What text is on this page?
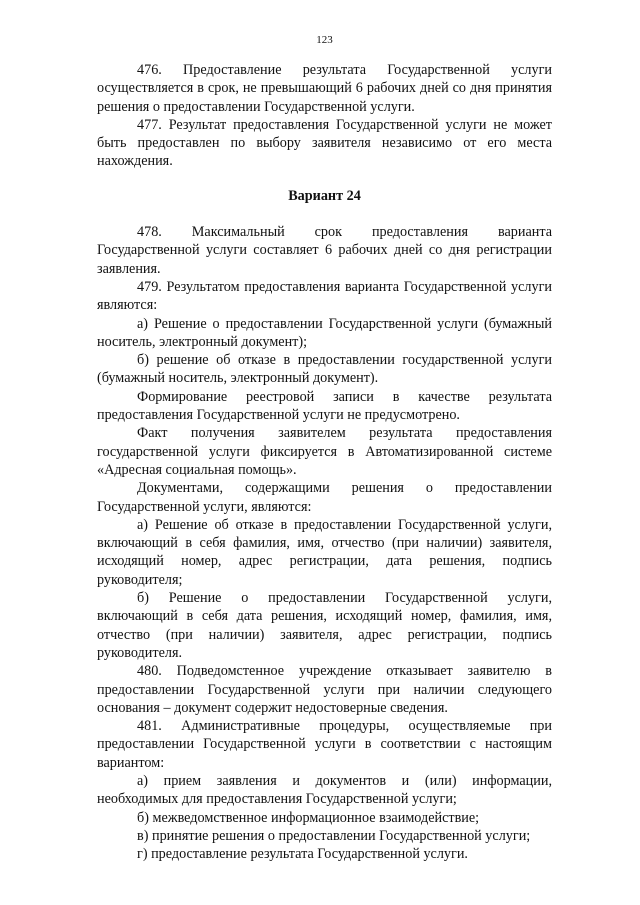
123

476. Предоставление результата Государственной услуги осуществляется в срок, не превышающий 6 рабочих дней со дня принятия решения о предоставлении Государственной услуги.

477. Результат предоставления Государственной услуги не может быть предоставлен по выбору заявителя независимо от его места нахождения.

Вариант 24

478. Максимальный срок предоставления варианта Государственной услуги составляет 6 рабочих дней со дня регистрации заявления.

479. Результатом предоставления варианта Государственной услуги являются:

а) Решение о предоставлении Государственной услуги (бумажный носитель, электронный документ);

б) решение об отказе в предоставлении государственной услуги (бумажный носитель, электронный документ).

Формирование реестровой записи в качестве результата предоставления Государственной услуги не предусмотрено.

Факт получения заявителем результата предоставления государственной услуги фиксируется в Автоматизированной системе «Адресная социальная помощь».

Документами, содержащими решения о предоставлении Государственной услуги, являются:

а) Решение об отказе в предоставлении Государственной услуги, включающий в себя фамилия, имя, отчество (при наличии) заявителя, исходящий номер, адрес регистрации, дата решения, подпись руководителя;

б) Решение о предоставлении Государственной услуги, включающий в себя дата решения, исходящий номер, фамилия, имя, отчество (при наличии) заявителя, адрес регистрации, подпись руководителя.

480. Подведомстенное учреждение отказывает заявителю в предоставлении Государственной услуги при наличии следующего основания – документ содержит недостоверные сведения.

481. Административные процедуры, осуществляемые при предоставлении Государственной услуги в соответствии с настоящим вариантом:

а) прием заявления и документов и (или) информации, необходимых для предоставления Государственной услуги;

б) межведомственное информационное взаимодействие;

в) принятие решения о предоставлении Государственной услуги;

г) предоставление результата Государственной услуги.
